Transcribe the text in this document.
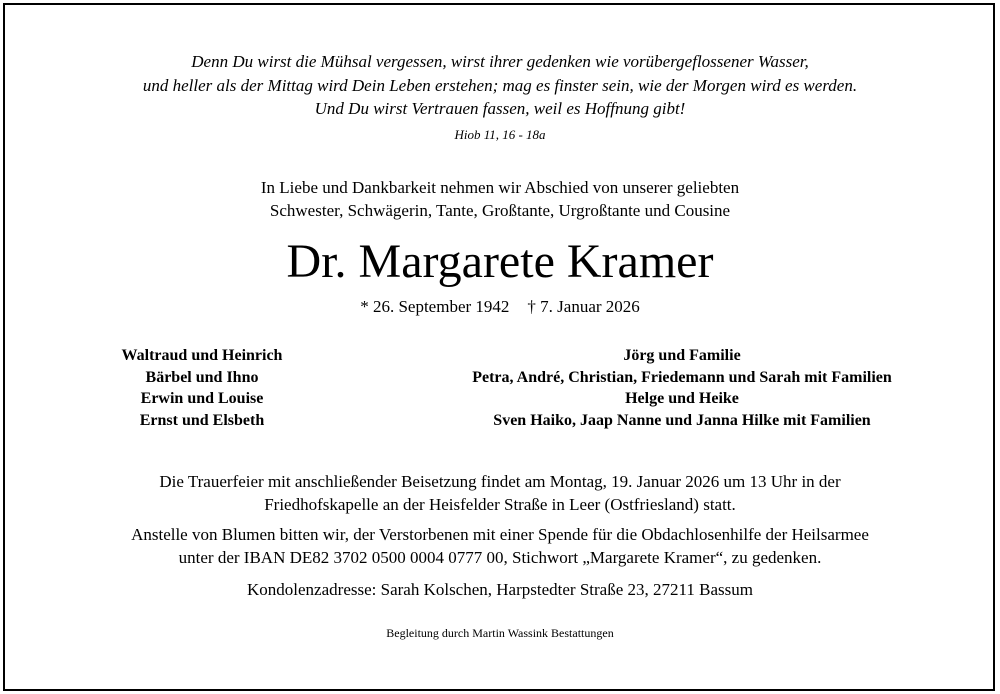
Denn Du wirst die Mühsal vergessen, wirst ihrer gedenken wie vorübergeflossener Wasser,
und heller als der Mittag wird Dein Leben erstehen; mag es finster sein, wie der Morgen wird es werden.
Und Du wirst Vertrauen fassen, weil es Hoffnung gibt!
Hiob 11, 16 - 18a
In Liebe und Dankbarkeit nehmen wir Abschied von unserer geliebten
Schwester, Schwägerin, Tante, Großtante, Urgroßtante und Cousine
Dr. Margarete Kramer
* 26. September 1942 † 7. Januar 2026
Waltraud und Heinrich
Bärbel und Ihno
Erwin und Louise
Ernst und Elsbeth
Jörg und Familie
Petra, André, Christian, Friedemann und Sarah mit Familien
Helge und Heike
Sven Haiko, Jaap Nanne und Janna Hilke mit Familien
Die Trauerfeier mit anschließender Beisetzung findet am Montag, 19. Januar 2026 um 13 Uhr in der
Friedhofskapelle an der Heisfelder Straße in Leer (Ostfriesland) statt.
Anstelle von Blumen bitten wir, der Verstorbenen mit einer Spende für die Obdachlosenhilfe der Heilsarmee
unter der IBAN DE82 3702 0500 0004 0777 00, Stichwort „Margarete Kramer“, zu gedenken.
Kondolenzadresse: Sarah Kolschen, Harpstedter Straße 23, 27211 Bassum
Begleitung durch Martin Wassink Bestattungen
